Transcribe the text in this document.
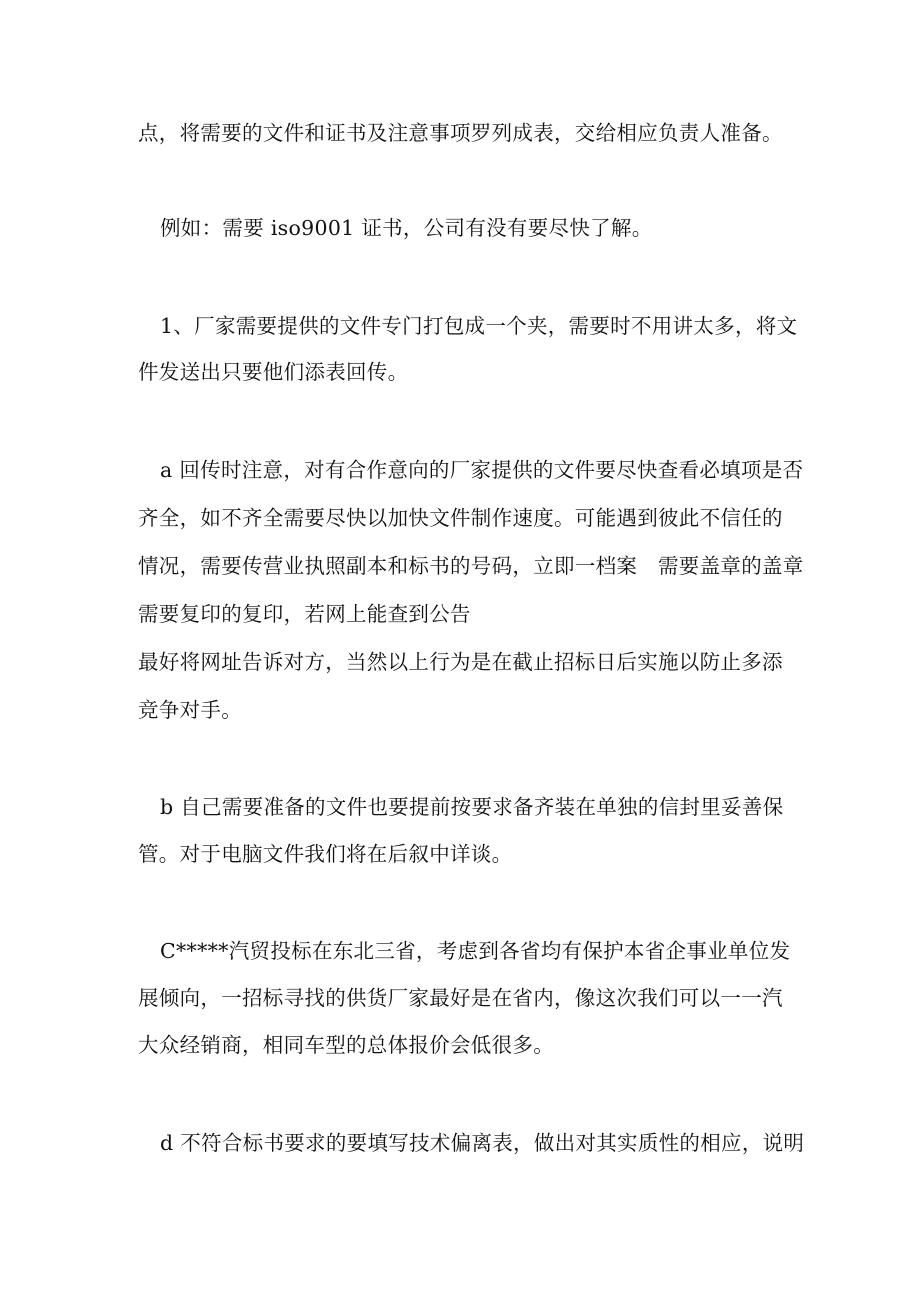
点，将需要的文件和证书及注意事项罗列成表，交给相应负责人准备。

例如：需要 iso9001 证书，公司有没有要尽快了解。

1、厂家需要提供的文件专门打包成一个夹，需要时不用讲太多，将文

件发送出只要他们添表回传。

a 回传时注意，对有合作意向的厂家提供的文件要尽快查看必填项是否

齐全，如不齐全需要尽快以加快文件制作速度。可能遇到彼此不信任的

情况，需要传营业执照副本和标书的号码，立即一档案　需要盖章的盖章

需要复印的复印，若网上能查到公告

最好将网址告诉对方，当然以上行为是在截止招标日后实施以防止多添

竞争对手。

b 自己需要准备的文件也要提前按要求备齐装在单独的信封里妥善保

管。对于电脑文件我们将在后叙中详谈。

C*****汽贸投标在东北三省，考虑到各省均有保护本省企事业单位发

展倾向，一招标寻找的供货厂家最好是在省内，像这次我们可以一一汽

大众经销商，相同车型的总体报价会低很多。

d 不符合标书要求的要填写技术偏离表，做出对其实质性的相应，说明
